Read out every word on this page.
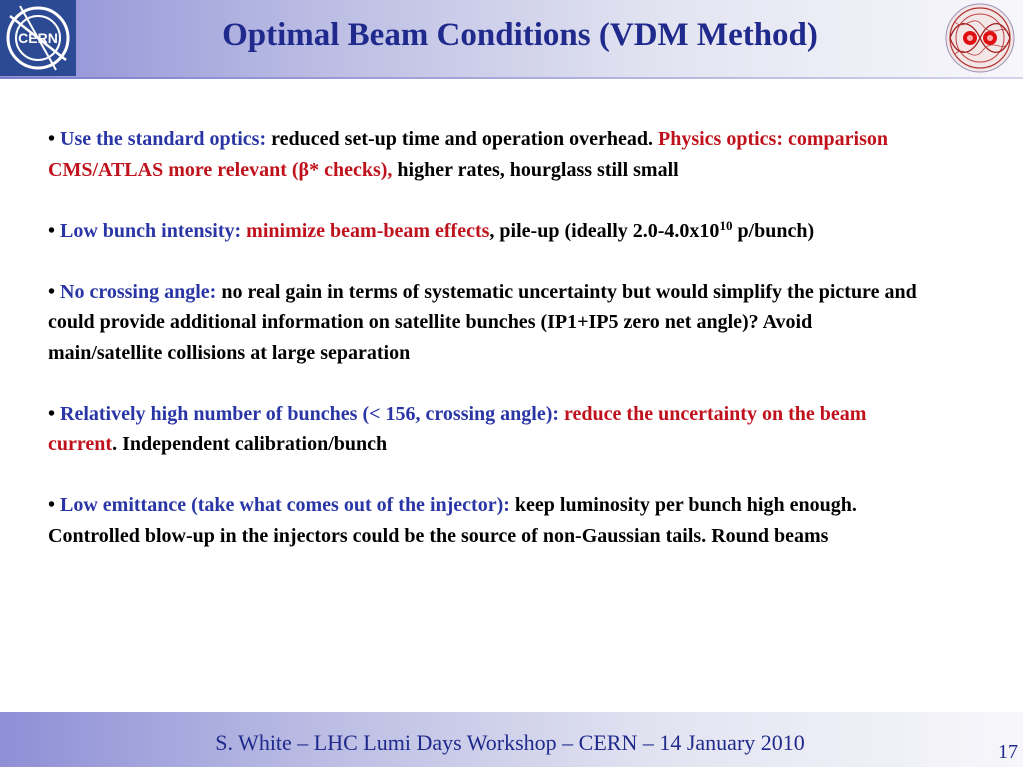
CERN	Optimal Beam Conditions (VDM Method)
• Use the standard optics: reduced set-up time and operation overhead. Physics optics: comparison CMS/ATLAS more relevant (β* checks), higher rates, hourglass still small
• Low bunch intensity: minimize beam-beam effects, pile-up (ideally $2.0-4.0x10^{10}$ p/bunch)
• No crossing angle: no real gain in terms of systematic uncertainty but would simplify the picture and could provide additional information on satellite bunches (IP1+IP5 zero net angle)? Avoid main/satellite collisions at large separation
• Relatively high number of bunches (< 156, crossing angle): reduce the uncertainty on the beam current. Independent calibration/bunch
• Low emittance (take what comes out of the injector): keep luminosity per bunch high enough. Controlled blow-up in the injectors could be the source of non-Gaussian tails. Round beams
S. White – LHC Lumi Days Workshop – CERN – 14 January 2010	17
